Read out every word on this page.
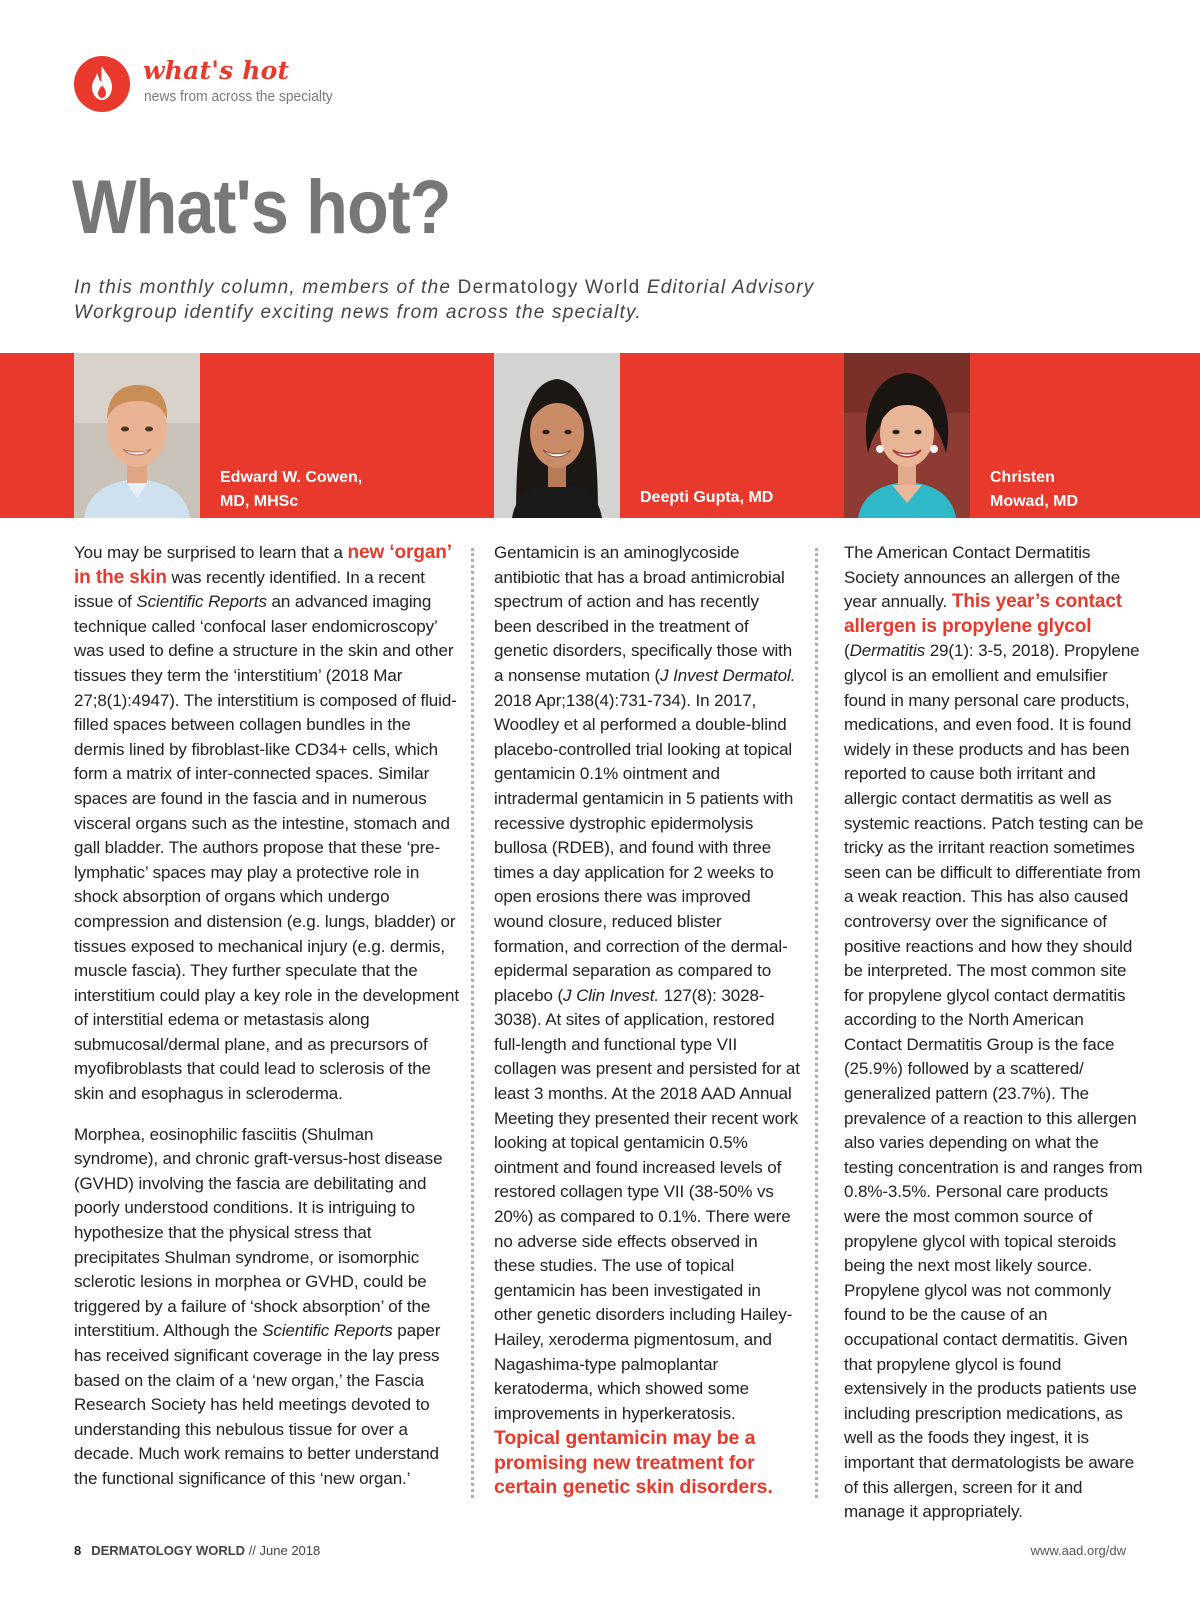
what's hot
news from across the specialty
What's hot?

In this monthly column, members of the Dermatology World Editorial Advisory Workgroup identify exciting news from across the specialty.

Edward W. Cowen,
MD, MHSc	Deepti Gupta, MD
Christen
Mowad, MD

You may be surprised to learn that a new ‘organ’ in the skin was recently identified. In a recent issue of Scientific Reports an advanced imaging technique called ‘confocal laser endomicroscopy’ was used to define a structure in the skin and other tissues they term the ‘interstitium’ (2018 Mar 27;8(1):4947). The interstitium is composed of fluid-filled spaces between collagen bundles in the dermis lined by fibroblast-like CD34+ cells, which form a matrix of inter-connected spaces. Similar spaces are found in the fascia and in numerous visceral organs such as the intestine, stomach and gall bladder. The authors propose that these ‘pre-lymphatic’ spaces may play a protective role in shock absorption of organs which undergo compression and distension (e.g. lungs, bladder) or tissues exposed to mechanical injury (e.g. dermis, muscle fascia). They further speculate that the interstitium could play a key role in the development of interstitial edema or metastasis along submucosal/dermal plane, and as precursors of myofibroblasts that could lead to sclerosis of the skin and esophagus in scleroderma.

Morphea, eosinophilic fasciitis (Shulman syndrome), and chronic graft-versus-host disease (GVHD) involving the fascia are debilitating and poorly understood conditions. It is intriguing to hypothesize that the physical stress that precipitates Shulman syndrome, or isomorphic sclerotic lesions in morphea or GVHD, could be triggered by a failure of ‘shock absorption’ of the interstitium. Although the Scientific Reports paper has received significant coverage in the lay press based on the claim of a ‘new organ,’ the Fascia Research Society has held meetings devoted to understanding this nebulous tissue for over a decade. Much work remains to better understand the functional significance of this ‘new organ.’

Gentamicin is an aminoglycoside antibiotic that has a broad antimicrobial spectrum of action and has recently been described in the treatment of genetic disorders, specifically those with a nonsense mutation (J Invest Dermatol. 2018 Apr;138(4):731-734). In 2017, Woodley et al performed a double-blind placebo-controlled trial looking at topical gentamicin 0.1% ointment and intradermal gentamicin in 5 patients with recessive dystrophic epidermolysis bullosa (RDEB), and found with three times a day application for 2 weeks to open erosions there was improved wound closure, reduced blister formation, and correction of the dermal-epidermal separation as compared to placebo (J Clin Invest. 127(8): 3028-3038). At sites of application, restored full-length and functional type VII collagen was present and persisted for at least 3 months. At the 2018 AAD Annual Meeting they presented their recent work looking at topical gentamicin 0.5% ointment and found increased levels of restored collagen type VII (38-50% vs 20%) as compared to 0.1%. There were no adverse side effects observed in these studies. The use of topical gentamicin has been investigated in other genetic disorders including Hailey-Hailey, xeroderma pigmentosum, and Nagashima-type palmoplantar keratoderma, which showed some improvements in hyperkeratosis.
Topical gentamicin may be a promising new treatment for certain genetic skin disorders.

The American Contact Dermatitis Society announces an allergen of the year annually. This year’s contact allergen is propylene glycol (Dermatitis 29(1): 3-5, 2018). Propylene glycol is an emollient and emulsifier found in many personal care products, medications, and even food. It is found widely in these products and has been reported to cause both irritant and allergic contact dermatitis as well as systemic reactions. Patch testing can be tricky as the irritant reaction sometimes seen can be difficult to differentiate from a weak reaction. This has also caused controversy over the significance of positive reactions and how they should be interpreted. The most common site for propylene glycol contact dermatitis according to the North American Contact Dermatitis Group is the face (25.9%) followed by a scattered/ generalized pattern (23.7%). The prevalence of a reaction to this allergen also varies depending on what the testing concentration is and ranges from 0.8%-3.5%. Personal care products were the most common source of propylene glycol with topical steroids being the next most likely source. Propylene glycol was not commonly found to be the cause of an occupational contact dermatitis. Given that propylene glycol is found extensively in the products patients use including prescription medications, as well as the foods they ingest, it is important that dermatologists be aware of this allergen, screen for it and manage it appropriately.

8 DERMATOLOGY WORLD // June 2018	www.aad.org/dw
